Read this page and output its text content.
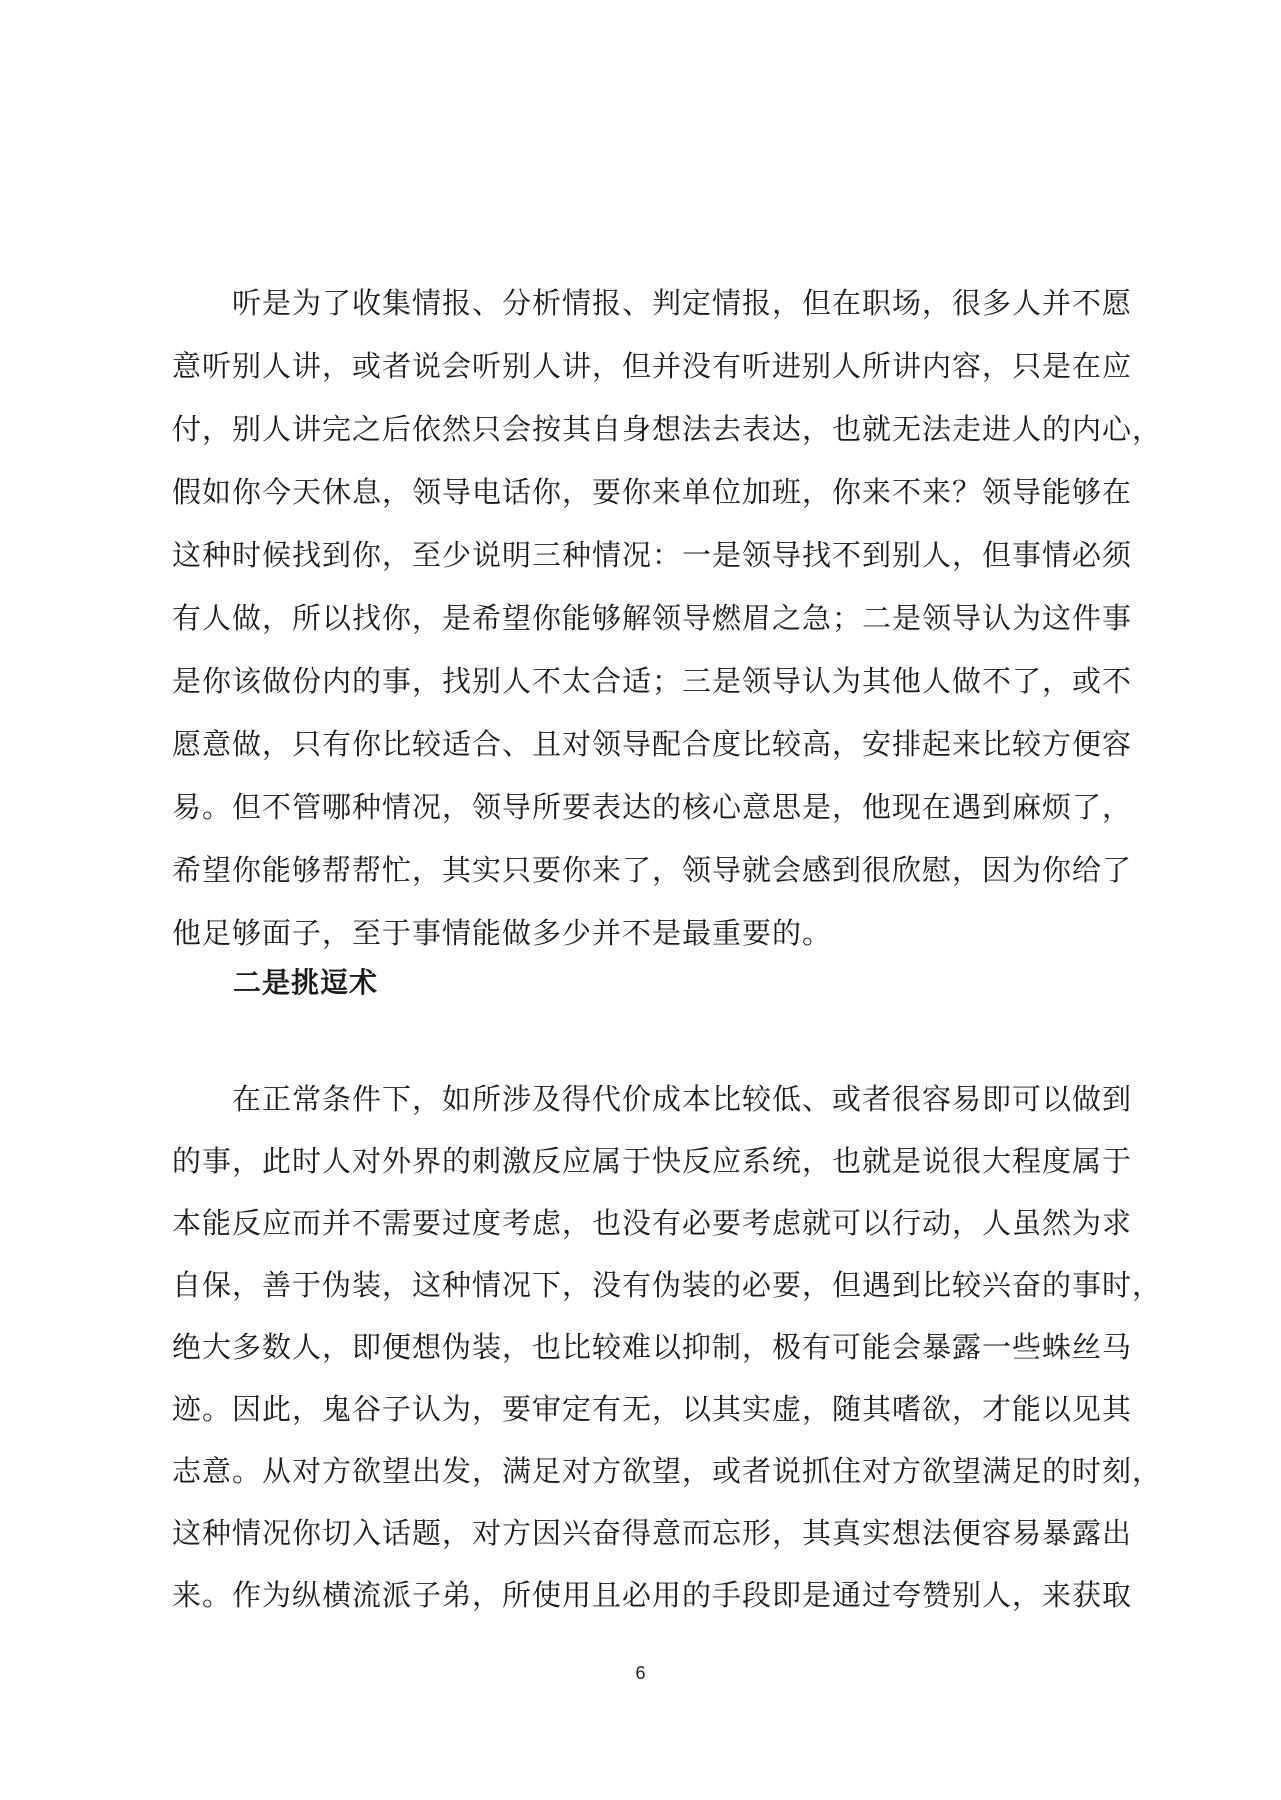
听是为了收集情报、分析情报、判定情报，但在职场，很多人并不愿
意听别人讲，或者说会听别人讲，但并没有听进别人所讲内容，只是在应
付，别人讲完之后依然只会按其自身想法去表达，也就无法走进人的内心，
假如你今天休息，领导电话你，要你来单位加班，你来不来？领导能够在
这种时候找到你，至少说明三种情况：一是领导找不到别人，但事情必须
有人做，所以找你，是希望你能够解领导燃眉之急；二是领导认为这件事
是你该做份内的事，找别人不太合适；三是领导认为其他人做不了，或不
愿意做，只有你比较适合、且对领导配合度比较高，安排起来比较方便容
易。但不管哪种情况，领导所要表达的核心意思是，他现在遇到麻烦了，
希望你能够帮帮忙，其实只要你来了，领导就会感到很欣慰，因为你给了
他足够面子，至于事情能做多少并不是最重要的。
二是挑逗术
在正常条件下，如所涉及得代价成本比较低、或者很容易即可以做到
的事，此时人对外界的刺激反应属于快反应系统，也就是说很大程度属于
本能反应而并不需要过度考虑，也没有必要考虑就可以行动，人虽然为求
自保，善于伪装，这种情况下，没有伪装的必要，但遇到比较兴奋的事时，
绝大多数人，即便想伪装，也比较难以抑制，极有可能会暴露一些蛛丝马
迹。因此，鬼谷子认为，要审定有无，以其实虚，随其嗜欲，才能以见其
志意。从对方欲望出发，满足对方欲望，或者说抓住对方欲望满足的时刻，
这种情况你切入话题，对方因兴奋得意而忘形，其真实想法便容易暴露出
来。作为纵横流派子弟，所使用且必用的手段即是通过夸赞别人，来获取
6
